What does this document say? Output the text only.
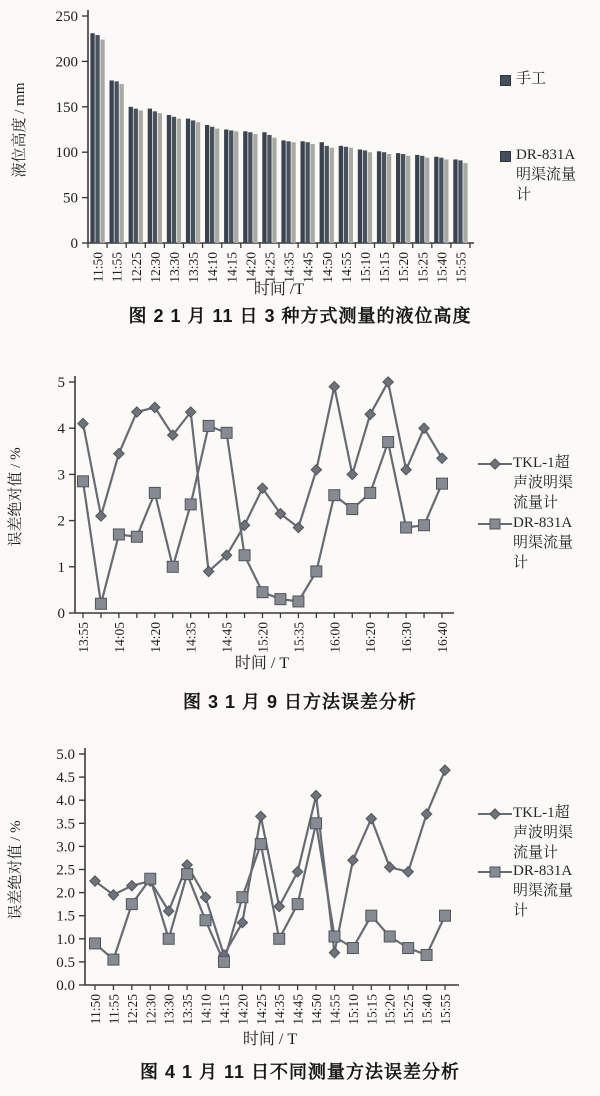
0
50
100
150
200
250
时间 /T
液位高度 / mm
11:50 11:55 12:25 12:30 13:30 13:35 14:10 14:15 14:20 14:25 14:35 14:45 14:50 14:55 15:10 15:15 15:20 15:25 15:40 15:55
手工
DR-831A明渠流量计
图 2 1 月 11 日 3 种方式测量的液位高度
0
1
2
3
4
5
时间 / T
误差绝对值 / %
13:55 14:05 14:20 14:35 14:45 15:20 15:35 16:00 16:20 16:30 16:40
TKL-1超声波明渠流量计
DR-831A明渠流量计
图 3 1 月 9 日方法误差分析
0.0
0.5
1.0
1.5
2.0
2.5
3.0
3.5
4.0
4.5
5.0
时间 / T
误差绝对值 / %
11:50 11:55 12:25 12:30 13:30 13:35 14:10 14:15 14:20 14:25 14:35 14:45 14:50 14:55 15:10 15:15 15:20 15:25 15:40 15:55
TKL-1超声波明渠流量计
DR-831A明渠流量计
图 4 1 月 11 日不同测量方法误差分析
